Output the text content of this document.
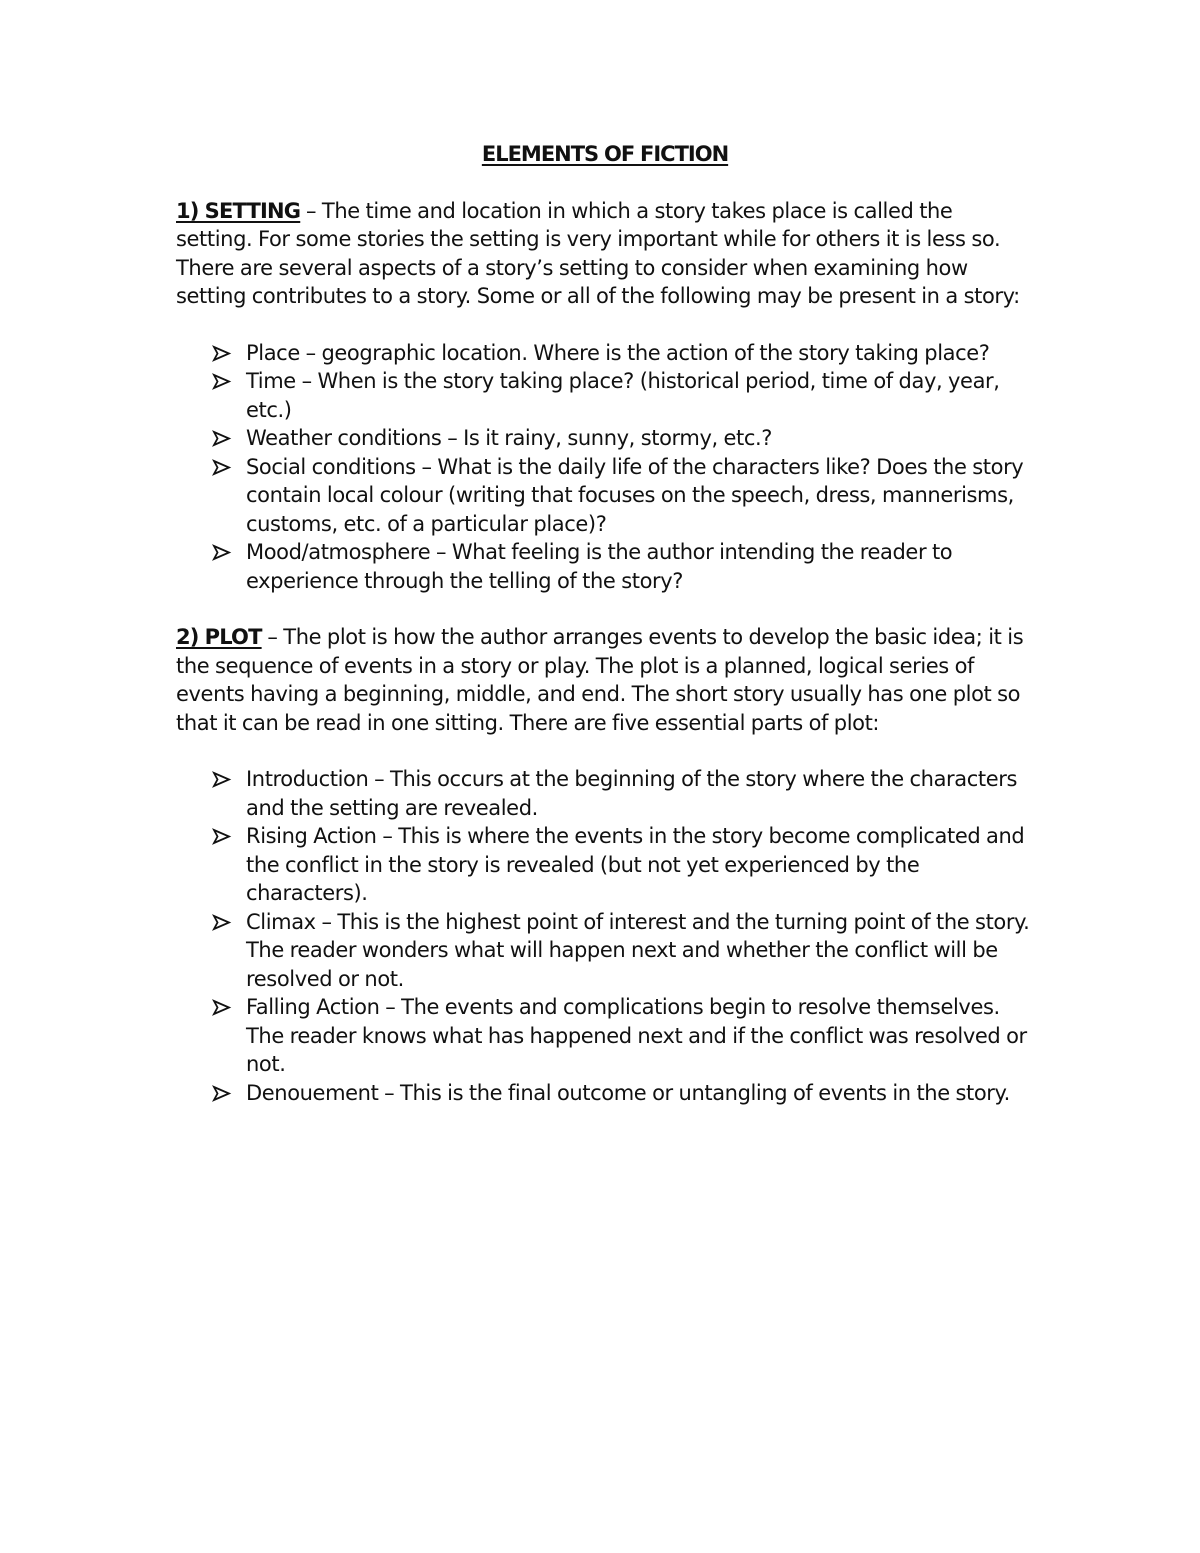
ELEMENTS OF FICTION

1) SETTING – The time and location in which a story takes place is called the setting. For some stories the setting is very important while for others it is less so. There are several aspects of a story’s setting to consider when examining how setting contributes to a story. Some or all of the following may be present in a story:

Place – geographic location. Where is the action of the story taking place?
Time – When is the story taking place? (historical period, time of day, year, etc.)
Weather conditions – Is it rainy, sunny, stormy, etc.?
Social conditions – What is the daily life of the characters like? Does the story contain local colour (writing that focuses on the speech, dress, mannerisms, customs, etc. of a particular place)?
Mood/atmosphere – What feeling is the author intending the reader to experience through the telling of the story?

2) PLOT – The plot is how the author arranges events to develop the basic idea; it is the sequence of events in a story or play. The plot is a planned, logical series of events having a beginning, middle, and end. The short story usually has one plot so that it can be read in one sitting. There are five essential parts of plot:

Introduction – This occurs at the beginning of the story where the characters and the setting are revealed.
Rising Action – This is where the events in the story become complicated and the conflict in the story is revealed (but not yet experienced by the characters).
Climax – This is the highest point of interest and the turning point of the story. The reader wonders what will happen next and whether the conflict will be resolved or not.
Falling Action – The events and complications begin to resolve themselves. The reader knows what has happened next and if the conflict was resolved or not.
Denouement – This is the final outcome or untangling of events in the story.
